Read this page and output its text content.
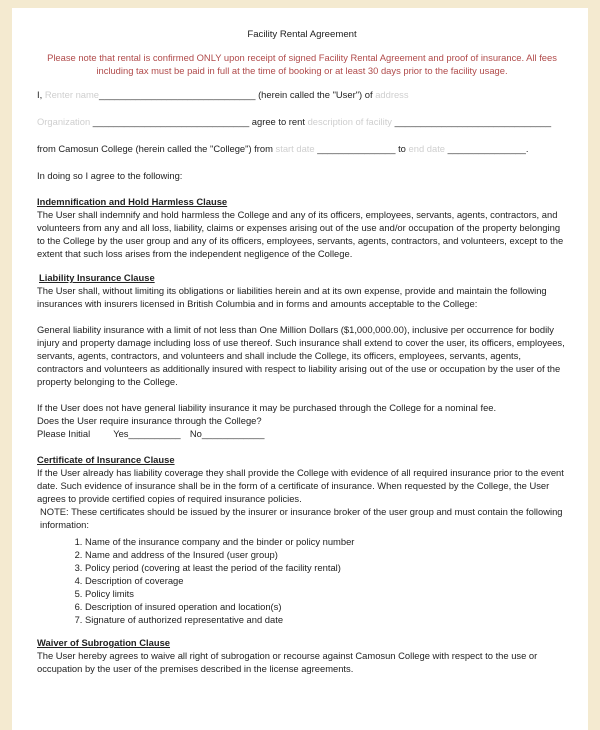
Facility Rental Agreement
Please note that rental is confirmed ONLY upon receipt of signed Facility Rental Agreement and proof of insurance. All fees including tax must be paid in full at the time of booking or at least 30 days prior to the facility usage.
I, Renter name______________________________ (herein called the "User") of address
Organization ______________________________ agree to rent description of facility ______________________________
from Camosun College (herein called the "College") from start date _______________ to end date _______________.

In doing so I agree to the following:

Indemnification and Hold Harmless Clause

The User shall indemnify and hold harmless the College and any of its officers, employees, servants, agents, contractors, and volunteers from any and all loss, liability, claims or expenses arising out of the use and/or occupation of the property belonging to the College by the user group and any of its officers, employees, servants, agents, contractors, and volunteers, except to the extent that such loss arises from the independent negligence of the College.

Liability Insurance Clause

The User shall, without limiting its obligations or liabilities herein and at its own expense, provide and maintain the following insurances with insurers licensed in British Columbia and in forms and amounts acceptable to the College:

General liability insurance with a limit of not less than One Million Dollars ($1,000,000.00), inclusive per occurrence for bodily injury and property damage including loss of use thereof. Such insurance shall extend to cover the user, its officers, employees, servants, agents, contractors, and volunteers and shall include the College, its officers, employees, servants, agents, contractors and volunteers as additionally insured with respect to liability arising out of the use or occupation by the user of the property belonging to the College.

If the User does not have general liability insurance it may be purchased through the College for a nominal fee.

Does the User require insurance through the College?

Please Initial Yes__________ No____________

Certificate of Insurance Clause

If the User already has liability coverage they shall provide the College with evidence of all required insurance prior to the event date. Such evidence of insurance shall be in the form of a certificate of insurance. When requested by the College, the User agrees to provide certified copies of required insurance policies.

NOTE: These certificates should be issued by the insurer or insurance broker of the user group and must contain the following information:

1. Name of the insurance company and the binder or policy number
2. Name and address of the Insured (user group)
3. Policy period (covering at least the period of the facility rental)
4. Description of coverage
5. Policy limits
6. Description of insured operation and location(s)
7. Signature of authorized representative and date

Waiver of Subrogation Clause

The User hereby agrees to waive all right of subrogation or recourse against Camosun College with respect to the use or occupation by the user of the premises described in the license agreements.
